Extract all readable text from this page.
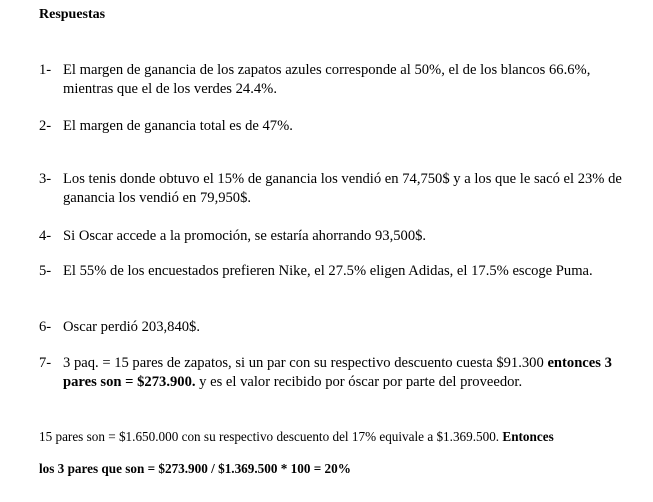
Respuestas
1- El margen de ganancia de los zapatos azules corresponde al 50%, el de los blancos 66.6%, mientras que el de los verdes 24.4%.
2- El margen de ganancia total es de 47%.
3- Los tenis donde obtuvo el 15% de ganancia los vendió en 74,750$ y a los que le sacó el 23% de ganancia los vendió en 79,950$.
4- Si Oscar accede a la promoción, se estaría ahorrando 93,500$.
5- El 55% de los encuestados prefieren Nike, el 27.5% eligen Adidas, el 17.5% escoge Puma.
6- Oscar perdió 203,840$.
7- 3 paq. = 15 pares de zapatos, si un par con su respectivo descuento cuesta $91.300 entonces 3 pares son = $273.900. y es el valor recibido por óscar por parte del proveedor.
15 pares son = $1.650.000 con su respectivo descuento del 17% equivale a $1.369.500. Entonces
los 3 pares que son = $273.900 / $1.369.500 * 100 = 20%
